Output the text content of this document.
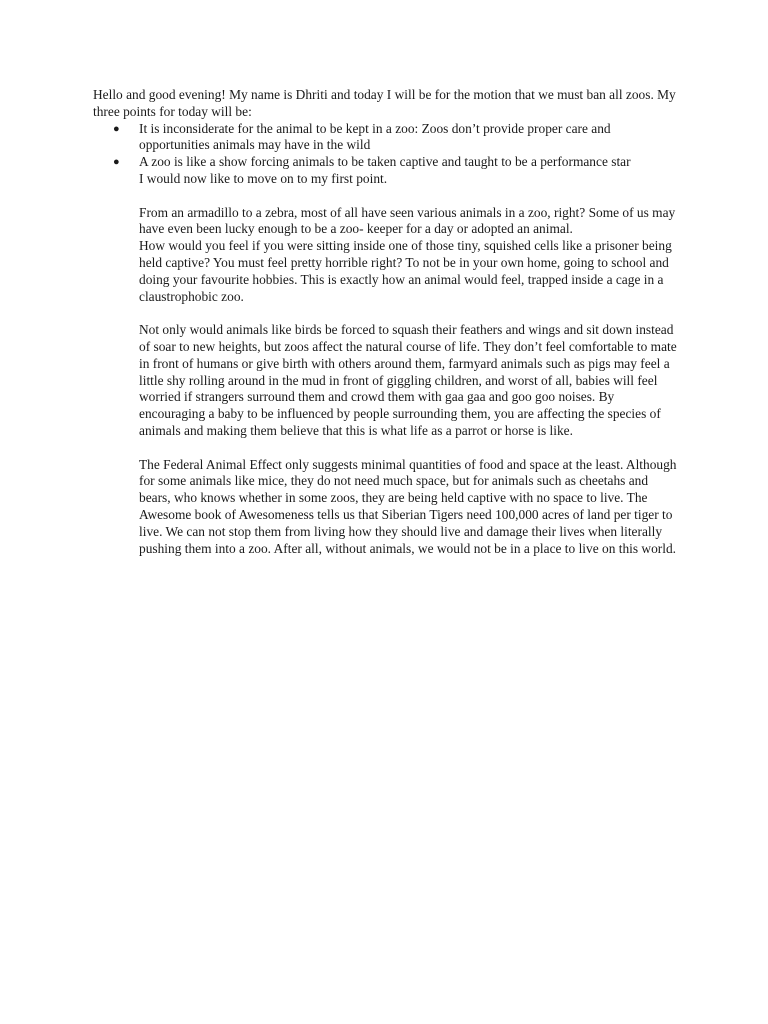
Hello and good evening! My name is Dhriti and today I will be for the motion that we must ban all zoos. My three points for today will be:

● It is inconsiderate for the animal to be kept in a zoo: Zoos don’t provide proper care and opportunities animals may have in the wild
● A zoo is like a show forcing animals to be taken captive and taught to be a performance star

I would now like to move on to my first point.

From an armadillo to a zebra, most of all have seen various animals in a zoo, right? Some of us may have even been lucky enough to be a zoo- keeper for a day or adopted an animal.

How would you feel if you were sitting inside one of those tiny, squished cells like a prisoner being held captive? You must feel pretty horrible right? To not be in your own home, going to school and doing your favourite hobbies. This is exactly how an animal would feel, trapped inside a cage in a claustrophobic zoo.

Not only would animals like birds be forced to squash their feathers and wings and sit down instead of soar to new heights, but zoos affect the natural course of life. They don’t feel comfortable to mate in front of humans or give birth with others around them, farmyard animals such as pigs may feel a little shy rolling around in the mud in front of giggling children, and worst of all, babies will feel worried if strangers surround them and crowd them with gaa gaa and goo goo noises. By encouraging a baby to be influenced by people surrounding them, you are affecting the species of animals and making them believe that this is what life as a parrot or horse is like.

The Federal Animal Effect only suggests minimal quantities of food and space at the least. Although for some animals like mice, they do not need much space, but for animals such as cheetahs and bears, who knows whether in some zoos, they are being held captive with no space to live. The Awesome book of Awesomeness tells us that Siberian Tigers need 100,000 acres of land per tiger to live. We can not stop them from living how they should live and damage their lives when literally pushing them into a zoo. After all, without animals, we would not be in a place to live on this world.
